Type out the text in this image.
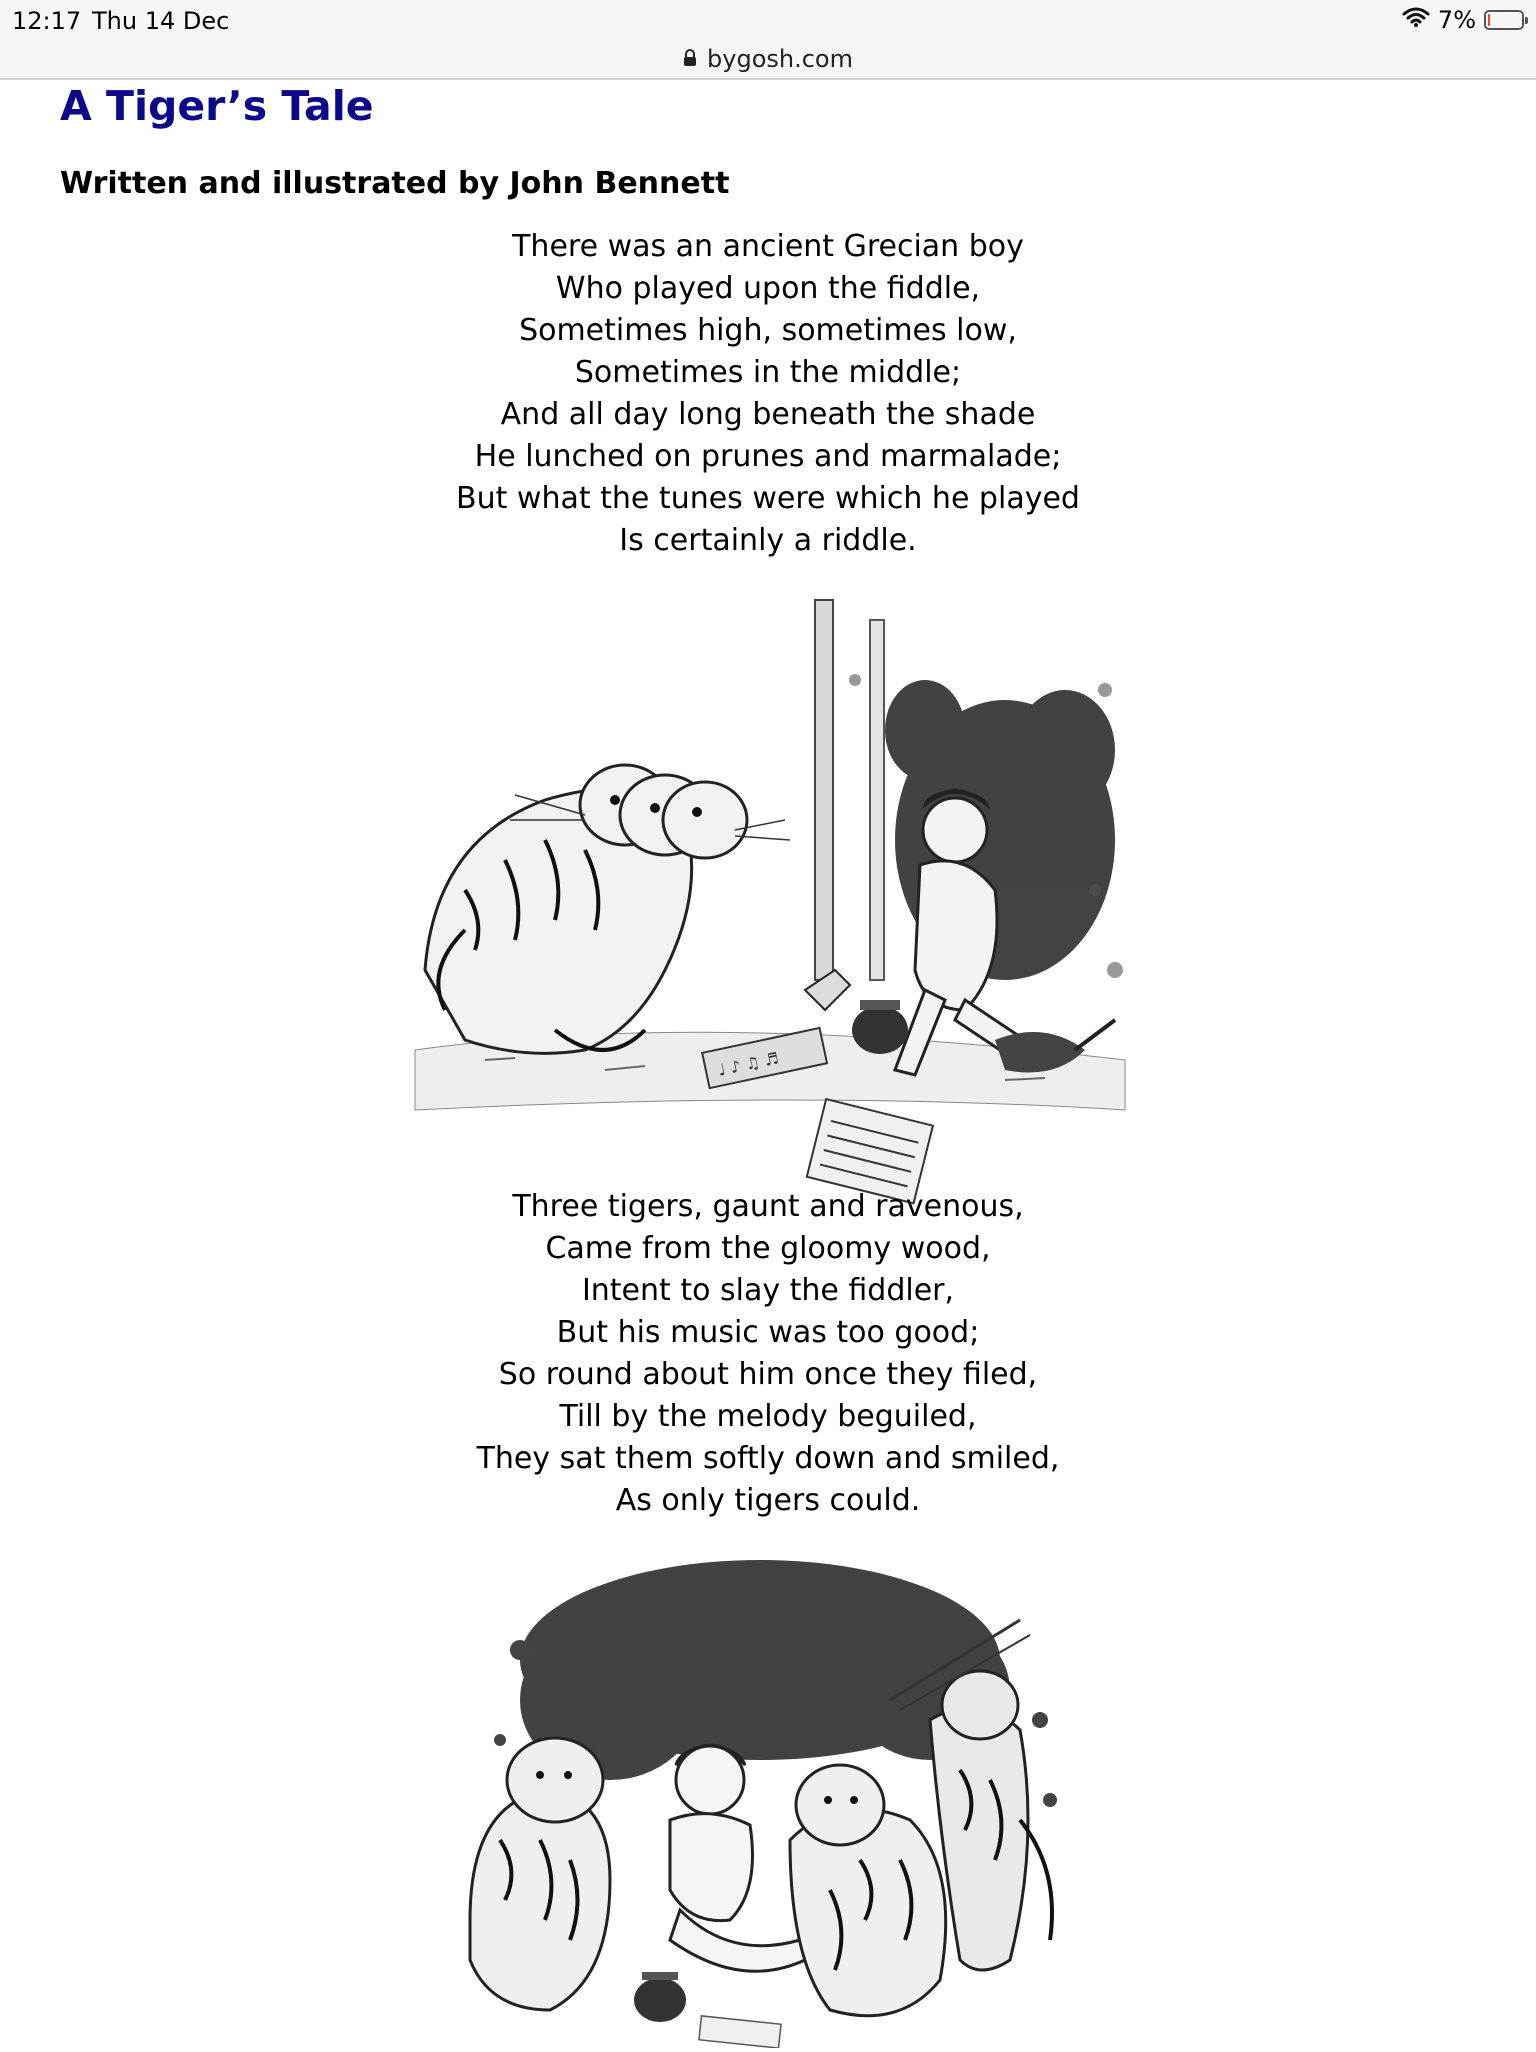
12:17 Thu 14 Dec	7%
bygosh.com
A Tiger’s Tale
Written and illustrated by John Bennett
There was an ancient Grecian boy
Who played upon the fiddle,
Sometimes high, sometimes low,
Sometimes in the middle;
And all day long beneath the shade
He lunched on prunes and marmalade;
But what the tunes were which he played
Is certainly a riddle.
♩ ♪ ♫ ♬
Three tigers, gaunt and ravenous,
Came from the gloomy wood,
Intent to slay the fiddler,
But his music was too good;
So round about him once they filed,
Till by the melody beguiled,
They sat them softly down and smiled,
As only tigers could.
